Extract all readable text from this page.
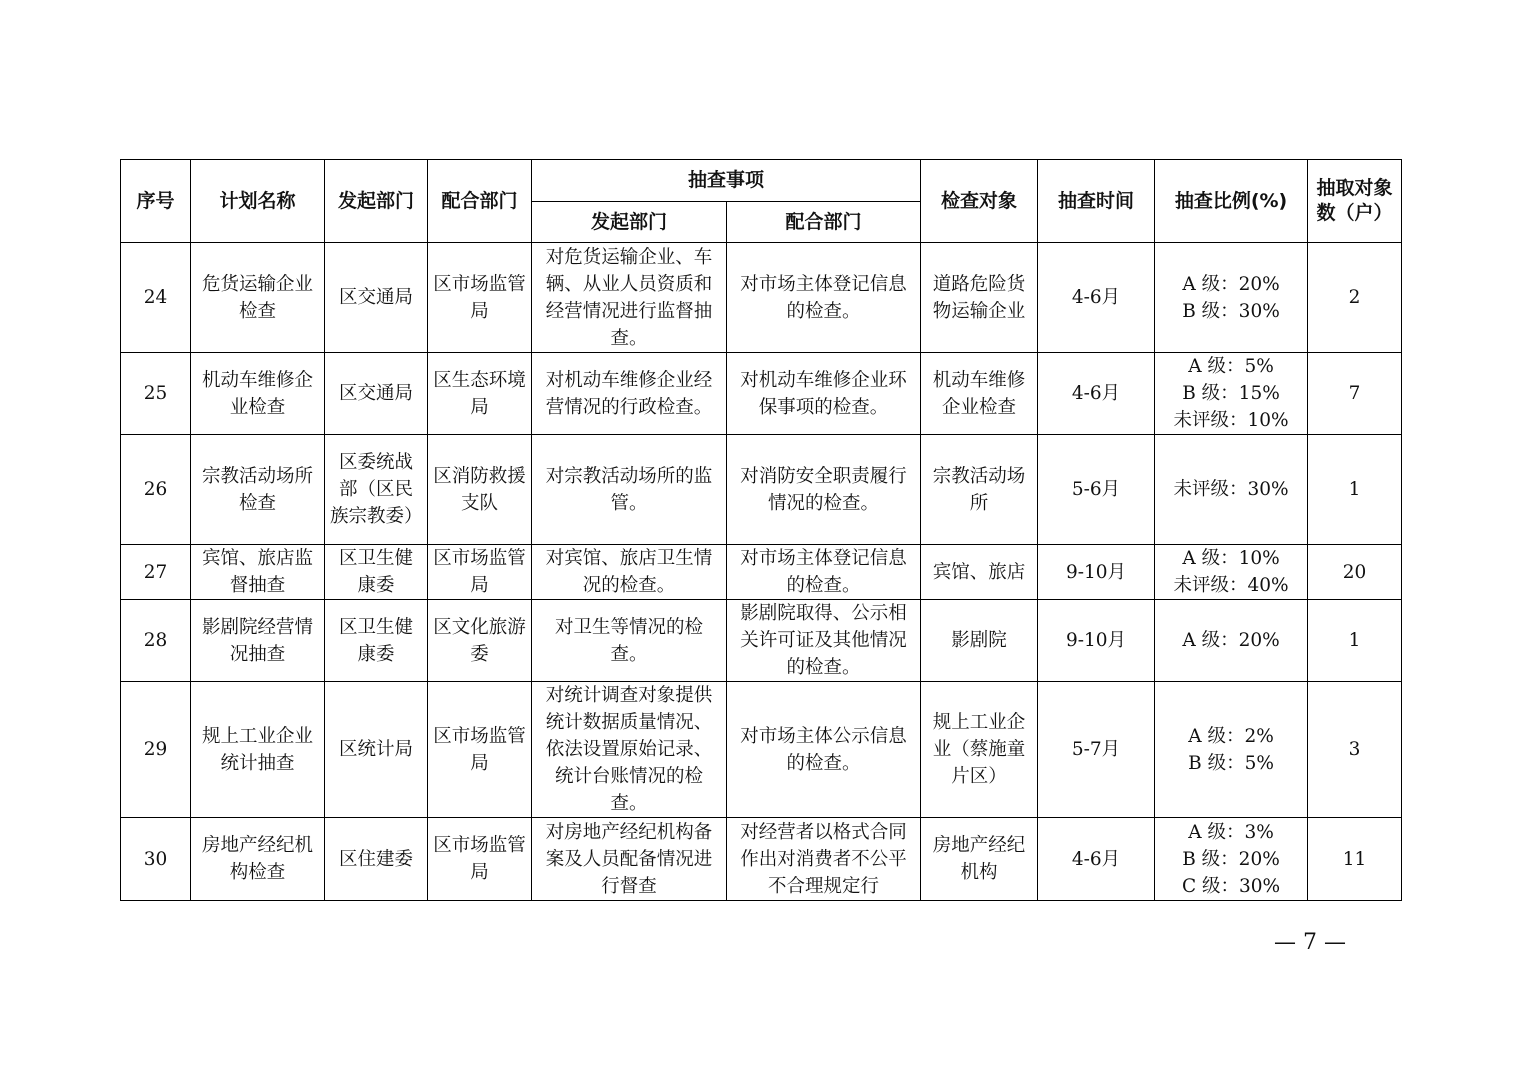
序号	计划名称	发起部门	配合部门	抽查事项		检查对象	抽查时间	抽查比例(%)	抽取对象数（户）
				发起部门	配合部门				
24	危货运输企业检查	区交通局	区市场监管局	对危货运输企业、车辆、从业人员资质和经营情况进行监督抽查。	对市场主体登记信息的检查。	道路危险货物运输企业	4-6月	A 级：20%
B 级：30%	2
25	机动车维修企业检查	区交通局	区生态环境局	对机动车维修企业经营情况的行政检查。	对机动车维修企业环保事项的检查。	机动车维修企业检查	4-6月	A 级：5%
B 级：15%
未评级：10%	7
26	宗教活动场所检查	区委统战部（区民族宗教委）	区消防救援支队	对宗教活动场所的监管。	对消防安全职责履行情况的检查。	宗教活动场所	5-6月	未评级：30%	1
27	宾馆、旅店监督抽查	区卫生健康委	区市场监管局	对宾馆、旅店卫生情况的检查。	对市场主体登记信息的检查。	宾馆、旅店	9-10月	A 级：10%
未评级：40%	20
28	影剧院经营情况抽查	区卫生健康委	区文化旅游委	对卫生等情况的检查。	影剧院取得、公示相关许可证及其他情况的检查。	影剧院	9-10月	A 级：20%	1
29	规上工业企业统计抽查	区统计局	区市场监管局	对统计调查对象提供统计数据质量情况、依法设置原始记录、统计台账情况的检查。	对市场主体公示信息的检查。	规上工业企业（蔡施童片区）	5-7月	A 级：2%
B 级：5%	3
30	房地产经纪机构检查	区住建委	区市场监管局	对房地产经纪机构备案及人员配备情况进行督查	对经营者以格式合同作出对消费者不公平不合理规定行	房地产经纪机构	4-6月	A 级：3%
B 级：20%
C 级：30%	11
— 7 —
